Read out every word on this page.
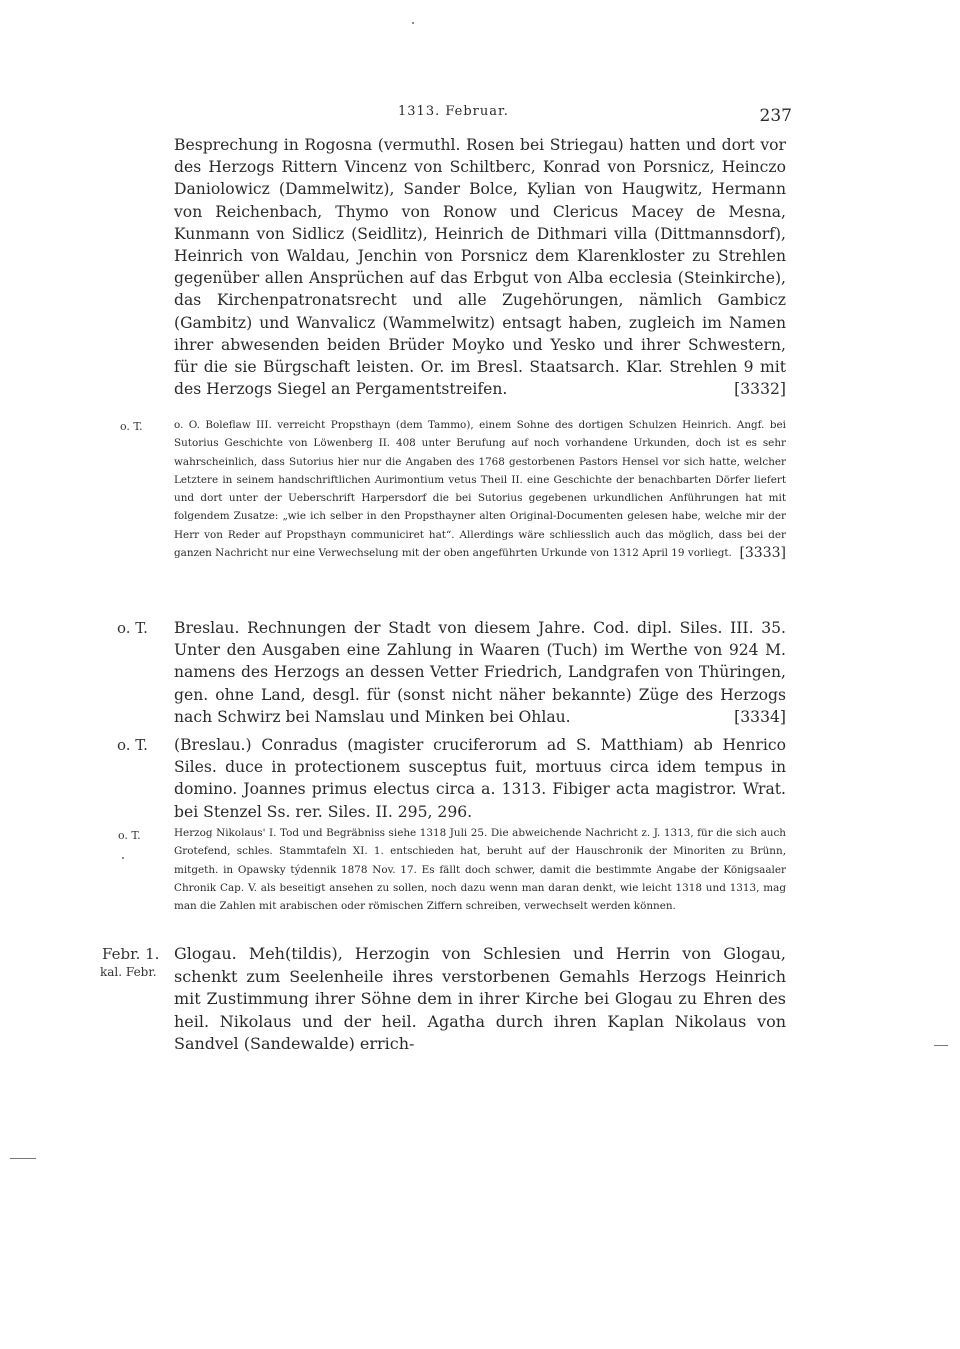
1313. Februar.	237

Besprechung in Rogosna (vermuthl. Rosen bei Striegau) hatten und dort vor des Herzogs Rittern Vincenz von Schiltberc, Konrad von Porsnicz, Heinczo Daniolowicz (Dammelwitz), Sander Bolce, Kylian von Haugwitz, Hermann von Reichenbach, Thymo von Ronow und Clericus Macey de Mesna, Kunmann von Sidlicz (Seidlitz), Heinrich de Dithmari villa (Dittmannsdorf), Heinrich von Waldau, Jenchin von Porsnicz dem Klarenkloster zu Strehlen gegenüber allen Ansprüchen auf das Erbgut von Alba ecclesia (Steinkirche), das Kirchenpatronatsrecht und alle Zugehörungen, nämlich Gambicz (Gambitz) und Wanvalicz (Wammelwitz) entsagt haben, zugleich im Namen ihrer abwesenden beiden Brüder Moyko und Yesko und ihrer Schwestern, für die sie Bürgschaft leisten. Or. im Bresl. Staatsarch. Klar. Strehlen 9 mit des Herzogs Siegel an Pergamentstreifen.	[3332]

o. T.	o. O. Boleflaw III. verreicht Propsthayn (dem Tammo), einem Sohne des dortigen Schulzen Heinrich. Angf. bei Sutorius Geschichte von Löwenberg II. 408 unter Berufung auf noch vorhandene Urkunden, doch ist es sehr wahrscheinlich, dass Sutorius hier nur die Angaben des 1768 gestorbenen Pastors Hensel vor sich hatte, welcher Letztere in seinem handschriftlichen Aurimontium vetus Theil II. eine Geschichte der benachbarten Dörfer liefert und dort unter der Ueberschrift Harpersdorf die bei Sutorius gegebenen urkundlichen Anführungen hat mit folgendem Zusatze: „wie ich selber in den Propsthayner alten Original-Documenten gelesen habe, welche mir der Herr von Reder auf Propsthayn communiciret hat“. Allerdings wäre schliesslich auch das möglich, dass bei der ganzen Nachricht nur eine Verwechselung mit der oben angeführten Urkunde von 1312 April 19 vorliegt. [3333]

o. T. Breslau. Rechnungen der Stadt von diesem Jahre. Cod. dipl. Siles. III. 35. Unter den Ausgaben eine Zahlung in Waaren (Tuch) im Werthe von 924 M. namens des Herzogs an dessen Vetter Friedrich, Landgrafen von Thüringen, gen. ohne Land, desgl. für (sonst nicht näher bekannte) Züge des Herzogs nach Schwirz bei Namslau und Minken bei Ohlau.	[3334]

o. T. (Breslau.) Conradus (magister cruciferorum ad S. Matthiam) ab Henrico Siles. duce in protectionem susceptus fuit, mortuus circa idem tempus in domino. Joannes primus electus circa a. 1313. Fibiger acta magistror. Wrat. bei Stenzel Ss. rer. Siles. II. 295, 296.

o. T.	Herzog Nikolaus' I. Tod und Begräbniss siehe 1318 Juli 25. Die abweichende Nachricht z. J. 1313, für die sich auch Grotefend, schles. Stammtafeln XI. 1. entschieden hat, beruht auf der Hauschronik der Minoriten zu Brünn, mitgeth. in Opawsky týdennik 1878 Nov. 17. Es fällt doch schwer, damit die bestimmte Angabe der Königsaaler Chronik Cap. V. als beseitigt ansehen zu sollen, noch dazu wenn man daran denkt, wie leicht 1318 und 1313, mag man die Zahlen mit arabischen oder römischen Ziffern schreiben, verwechselt werden können.

Febr. 1.
kal. Febr.

Glogau. Meh(tildis), Herzogin von Schlesien und Herrin von Glogau, schenkt zum Seelenheile ihres verstorbenen Gemahls Herzogs Heinrich mit Zustimmung ihrer Söhne dem in ihrer Kirche bei Glogau zu Ehren des heil. Nikolaus und der heil. Agatha durch ihren Kaplan Nikolaus von Sandvel (Sandewalde) errich-
